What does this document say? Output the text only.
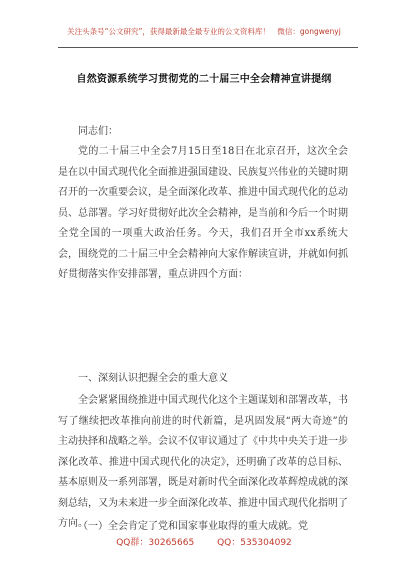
关注头条号“公文研究”，获得最新最全最专业的公文资料库！　微信：gongwenyj
自然资源系统学习贯彻党的二十届三中全会精神宣讲提纲
同志们：

党的二十届三中全会7月15日至18日在北京召开，这次全会是在以中国式现代化全面推进强国建设、民族复兴伟业的关键时期召开的一次重要会议，是全面深化改革、推进中国式现代化的总动员、总部署。学习好贯彻好此次全会精神，是当前和今后一个时期全党全国的一项重大政治任务。今天，我们召开全市xx系统大会，围绕党的二十届三中全会精神向大家作解读宣讲，并就如何抓好贯彻落实作安排部署，重点讲四个方面：

一、深刻认识把握全会的重大意义

全会紧紧围绕推进中国式现代化这个主题谋划和部署改革，书写了继续把改革推向前进的时代新篇，是巩固发展“两大奇迹”的主动抉择和战略之举。会议不仅审议通过了《中共中央关于进一步深化改革、推进中国式现代化的决定》，还明确了改革的总目标、基本原则及一系列部署，既是对新时代全面深化改革辉煌成就的深刻总结，又为未来进一步全面深化改革、推进中国式现代化指明了方向。

（一）全会肯定了党和国家事业取得的重大成就。党

QQ群：30265665	QQ：535304092
